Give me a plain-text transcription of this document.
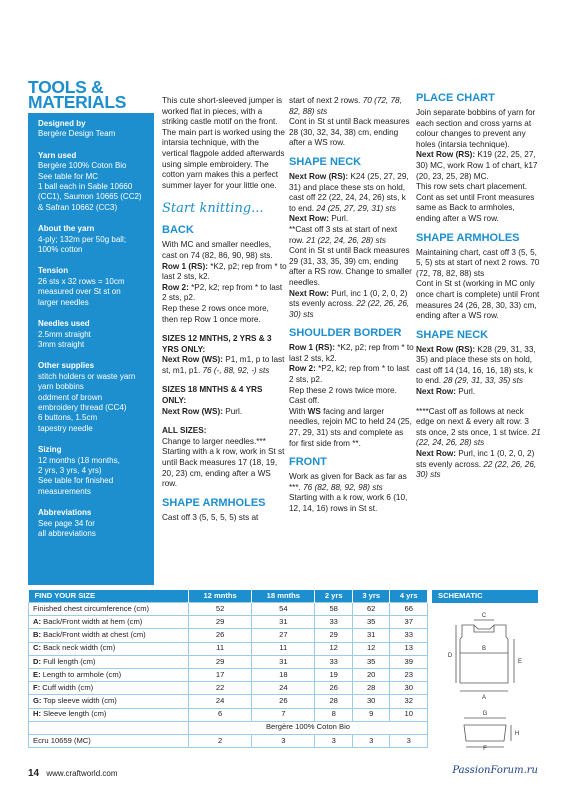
TOOLS & MATERIALS
Designed by
Bergère Design Team
Yarn used
Bergère 100% Coton Bio
See table for MC
1 ball each in Sable 10660
(CC1), Saumon 10665 (CC2)
& Safran 10662 (CC3)
About the yarn
4-ply; 132m per 50g ball;
100% cotton
Tension
26 sts x 32 rows = 10cm
measured over St st on
larger needles
Needles used
2.5mm straight
3mm straight
Other supplies
stitch holders or waste yarn
yarn bobbins
oddment of brown
embroidery thread (CC4)
6 buttons, 1.5cm
tapestry needle
Sizing
12 months (18 months,
2 yrs, 3 yrs, 4 yrs)
See table for finished
measurements
Abbreviations
See page 34 for
all abbreviations

This cute short-sleeved jumper is worked flat in pieces, with a striking castle motif on the front. The main part is worked using the intarsia technique, with the vertical flagpole added afterwards using simple embroidery. The cotton yarn makes this a perfect summer layer for your little one.

Start knitting...
BACK

With MC and smaller needles, cast on 74 (82, 86, 90, 98) sts.

Row 1 (RS): *K2, p2; rep from * to last 2 sts, k2.

Row 2: *P2, k2; rep from * to last 2 sts, p2.

Rep these 2 rows once more, then rep Row 1 once more.

SIZES 12 MNTHS, 2 YRS & 3 YRS ONLY:

Next Row (WS): P1, m1, p to last st, m1, p1. 76 (-, 88, 92, -) sts

SIZES 18 MNTHS & 4 YRS ONLY:

Next Row (WS): Purl.

ALL SIZES:

Change to larger needles.*** Starting with a k row, work in St st until Back measures 17 (18, 19, 20, 23) cm, ending after a WS row.

SHAPE ARMHOLES

Cast off 3 (5, 5, 5, 5) sts at

start of next 2 rows. 70 (72, 78, 82, 88) sts

Cont in St st until Back measures 28 (30, 32, 34, 38) cm, ending after a WS row.

SHAPE NECK

Next Row (RS): K24 (25, 27, 29, 31) and place these sts on hold, cast off 22 (22, 24, 24, 26) sts, k to end. 24 (25, 27, 29, 31) sts

Next Row: Purl.

**Cast off 3 sts at start of next row. 21 (22, 24, 26, 28) sts

Cont in St st until Back measures 29 (31, 33, 35, 39) cm, ending after a RS row. Change to smaller needles.

Next Row: Purl, inc 1 (0, 2, 0, 2) sts evenly across. 22 (22, 26, 26, 30) sts

SHOULDER BORDER

Row 1 (RS): *K2, p2; rep from * to last 2 sts, k2.

Row 2: *P2, k2; rep from * to last 2 sts, p2.

Rep these 2 rows twice more. Cast off.

With WS facing and larger needles, rejoin MC to held 24 (25, 27, 29, 31) sts and complete as for first side from **.

FRONT

Work as given for Back as far as ***. 76 (82, 88, 92, 98) sts

Starting with a k row, work 6 (10, 12, 14, 16) rows in St st.

PLACE CHART

Join separate bobbins of yarn for each section and cross yarns at colour changes to prevent any holes (intarsia technique).

Next Row (RS): K19 (22, 25, 27, 30) MC, work Row 1 of chart, k17 (20, 23, 25, 28) MC.

This row sets chart placement. Cont as set until Front measures same as Back to armholes, ending after a WS row.

SHAPE ARMHOLES

Maintaining chart, cast off 3 (5, 5, 5, 5) sts at start of next 2 rows. 70 (72, 78, 82, 88) sts

Cont in St st (working in MC only once chart is complete) until Front measures 24 (26, 28, 30, 33) cm, ending after a WS row.

SHAPE NECK

Next Row (RS): K28 (29, 31, 33, 35) and place these sts on hold, cast off 14 (14, 16, 16, 18) sts, k to end. 28 (29, 31, 33, 35) sts

Next Row: Purl.

****Cast off as follows at neck edge on next & every alt row: 3 sts once, 2 sts once, 1 st twice. 21 (22, 24, 26, 28) sts

Next Row: Purl, inc 1 (0, 2, 0, 2) sts evenly across. 22 (22, 26, 26, 30) sts

FIND YOUR SIZE	12 mnths	18 mnths	2 yrs	3 yrs	4 yrs
Finished chest circumference (cm)	52	54	58	62	66
A: Back/Front width at hem (cm)	29	31	33	35	37
B: Back/Front width at chest (cm)	26	27	29	31	33
C: Back neck width (cm)	11	11	12	12	13
D: Full length (cm)	29	31	33	35	39
E: Length to armhole (cm)	17	18	19	20	23
F: Cuff width (cm)	22	24	26	28	30
G: Top sleeve width (cm)	24	26	28	30	32
H: Sleeve length (cm)	6	7	8	9	10
	Bergère 100% Coton Bio				
Ecru 10659 (MC)	2	3	3	3	3
SCHEMATIC
C
B
D
E
A
G
H
F
14 www.craftworld.com	PassionForum.ru
